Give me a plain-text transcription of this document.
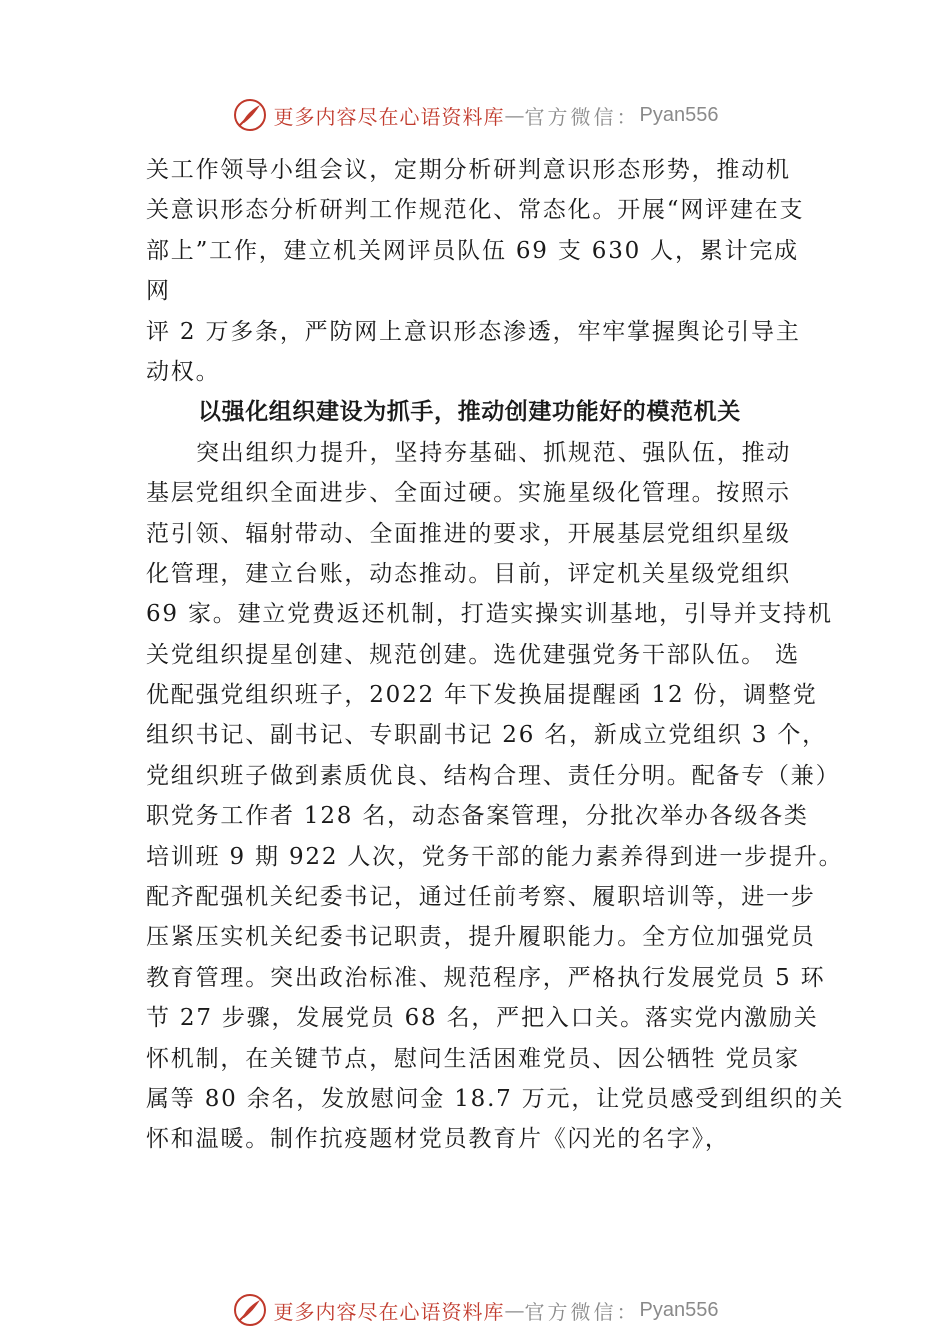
更多内容尽在心语资料库 — 官方微信： Pyan556
关工作领导小组会议，定期分析研判意识形态形势，推动机
关意识形态分析研判工作规范化、常态化。开展“网评建在支
部上”工作，建立机关网评员队伍 69 支 630 人，累计完成
网
评 2 万多条，严防网上意识形态渗透，牢牢掌握舆论引导主
动权。
以强化组织建设为抓手，推动创建功能好的模范机关
突出组织力提升，坚持夯基础、抓规范、强队伍，推动
基层党组织全面进步、全面过硬。实施星级化管理。按照示
范引领、辐射带动、全面推进的要求，开展基层党组织星级
化管理，建立台账，动态推动。目前，评定机关星级党组织
69 家。建立党费返还机制，打造实操实训基地，引导并支持机
关党组织提星创建、规范创建。选优建强党务干部队伍。 选
优配强党组织班子，2022 年下发换届提醒函 12 份，调整党
组织书记、副书记、专职副书记 26 名，新成立党组织 3 个，
党组织班子做到素质优良、结构合理、责任分明。配备专（兼）
职党务工作者 128 名，动态备案管理，分批次举办各级各类
培训班 9 期 922 人次，党务干部的能力素养得到进一步提升。
配齐配强机关纪委书记，通过任前考察、履职培训等，进一步
压紧压实机关纪委书记职责，提升履职能力。全方位加强党员
教育管理。突出政治标准、规范程序，严格执行发展党员 5 环
节 27 步骤，发展党员 68 名，严把入口关。落实党内激励关
怀机制，在关键节点，慰问生活困难党员、因公牺牲 党员家
属等 80 余名，发放慰问金 18.7 万元，让党员感受到组织的关
怀和温暖。制作抗疫题材党员教育片《闪光的名字》，
更多内容尽在心语资料库 — 官方微信： Pyan556
